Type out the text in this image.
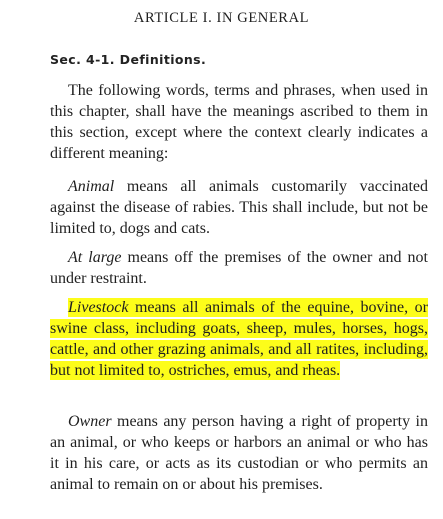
ARTICLE I. IN GENERAL
Sec. 4-1. Definitions.

The following words, terms and phrases, when used in this chapter, shall have the meanings ascribed to them in this section, except where the context clearly indicates a different meaning:

Animal means all animals customarily vaccinated against the disease of rabies. This shall include, but not be limited to, dogs and cats.

At large means off the premises of the owner and not under restraint.

Livestock means all animals of the equine, bovine, or swine class, including goats, sheep, mules, horses, hogs, cattle, and other grazing animals, and all ratites, including, but not limited to, ostriches, emus, and rheas.

Owner means any person having a right of property in an animal, or who keeps or harbors an animal or who has it in his care, or acts as its custodian or who permits an animal to remain on or about his premises.
